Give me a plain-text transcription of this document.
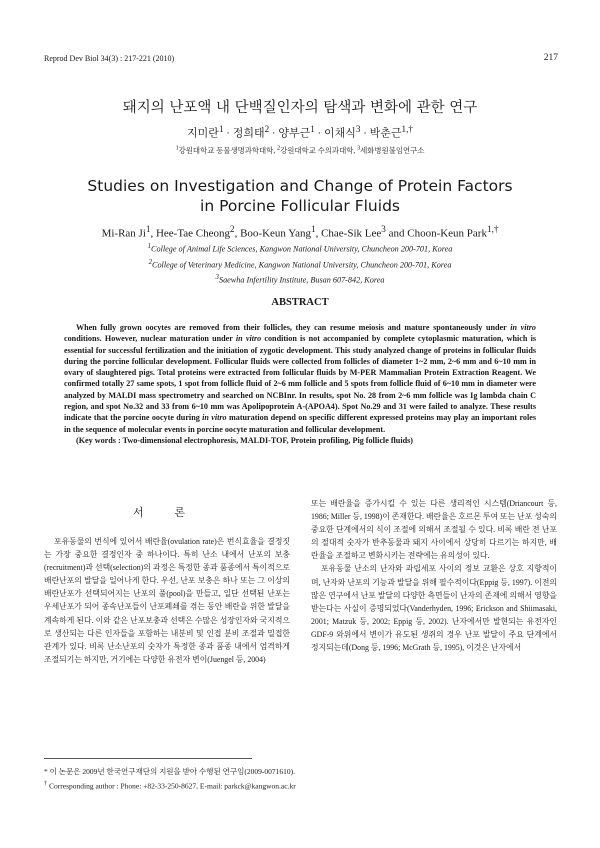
Reprod Dev Biol 34(3) : 217-221 (2010)	217
돼지의 난포액 내 단백질인자의 탐색과 변화에 관한 연구
지미란$^1$ · 정희태$^2$ · 양부근$^1$ · 이채식$^3$ · 박춘근$^{1,\dagger}$
$^1$강원대학교 동물생명과학대학, $^2$강원대학교 수의과대학, $^3$세화병원불임연구소
Studies on Investigation and Change of Protein Factors
in Porcine Follicular Fluids
Mi-Ran Ji$^1$, Hee-Tae Cheong$^2$, Boo-Keun Yang$^1$, Chae-Sik Lee$^3$ and Choon-Keun Park$^{1,\dagger}$
$^1$College of Animal Life Sciences, Kangwon National University, Chuncheon 200-701, Korea
$^2$College of Veterinary Medicine, Kangwon National University, Chuncheon 200-701, Korea
$^3$Saewha Infertility Institute, Busan 607-842, Korea
ABSTRACT

When fully grown oocytes are removed from their follicles, they can resume meiosis and mature spontaneously under in vitro conditions. However, nuclear maturation under in vitro condition is not accompanied by complete cytoplasmic maturation, which is essential for successful fertilization and the initiation of zygotic development. This study analyzed change of proteins in follicular fluids during the porcine follicular development. Follicular fluids were collected from follicles of diameter 1~2 mm, 2~6 mm and 6~10 mm in ovary of slaughtered pigs. Total proteins were extracted from follicular fluids by M-PER Mammalian Protein Extraction Reagent. We confirmed totally 27 same spots, 1 spot from follicle fluid of 2~6 mm follicle and 5 spots from follicle fluid of 6~10 mm in diameter were analyzed by MALDI mass spectrometry and searched on NCBInr. In results, spot No. 28 from 2~6 mm follicle was Ig lambda chain C region, and spot No.32 and 33 from 6~10 mm was Apolipoprotein A-(APOA4). Spot No.29 and 31 were failed to analyze. These results indicate that the porcine oocyte during in vitro maturation depend on specific different expressed proteins may play an important roles in the sequence of molecular events in porcine oocyte maturation and follicular development.

(Key words : Two-dimensional electrophoresis, MALDI-TOF, Protein profiling, Pig follicle fluids)

서 론

포유동물의 번식에 있어서 배란율(ovulation rate)은 번식효율을 결정짓는 가장 중요한 결정인자 중 하나이다. 특히 난소 내에서 난포의 보충(recruitment)과 선택(selection)의 과정은 특정한 종과 품종에서 특이적으로 배란난포의 발달을 일어나게 한다. 우선, 난포 보충은 하나 또는 그 이상의 배란난포가 선택되어지는 난포의 풀(pool)을 만들고, 일단 선택된 난포는 우세난포가 되어 종속난포들이 난포폐쇄를 겪는 동안 배란을 위한 발달을 계속하게 된다. 이와 같은 난포보충과 선택은 수많은 성장인자와 국지적으로 생산되는 다른 인자들을 포함하는 내분비 및 인접 분비 조절과 밀접한 관계가 있다. 비록 난소난포의 숫자가 특정한 종과 품종 내에서 엄격하게 조절되기는 하지만, 거기에는 다양한 유전자 변이(Juengel 등, 2004)

또는 배란율을 증가시킬 수 있는 다른 생리적인 시스템(Driancourt 등, 1986; Miller 등, 1998)이 존재한다. 배란율은 호르몬 투여 또는 난포 성숙의 중요한 단계에서의 식이 조절에 의해서 조절될 수 있다. 비록 배란 전 난포의 절대적 숫자가 반추동물과 돼지 사이에서 상당히 다르기는 하지만, 배란율을 조절하고 변화시키는 전략에는 유의성이 있다.

포유동물 난소의 난자와 과립세포 사이의 정보 교환은 상호 지향적이며, 난자와 난포의 기능과 발달을 위해 필수적이다(Eppig 등, 1997). 이전의 많은 연구에서 난포 발달의 다양한 측면들이 난자의 존재에 의해서 영향을 받는다는 사실이 증명되었다(Vanderhyden, 1996; Erickson and Shiimasaki, 2001; Matzuk 등, 2002; Eppig 등, 2002). 난자에서만 발현되는 유전자인 GDF-9 와위에서 변이가 유도된 생쥐의 경우 난포 발달이 주요 단계에서 정지되는데(Dong 등, 1996; McGrath 등, 1995), 이것은 난자에서

* 이 논문은 2009년 한국연구재단의 지원을 받아 수행된 연구임(2009-0071610).
† Corresponding author : Phone: +82-33-250-8627, E-mail: parkck@kangwon.ac.kr
